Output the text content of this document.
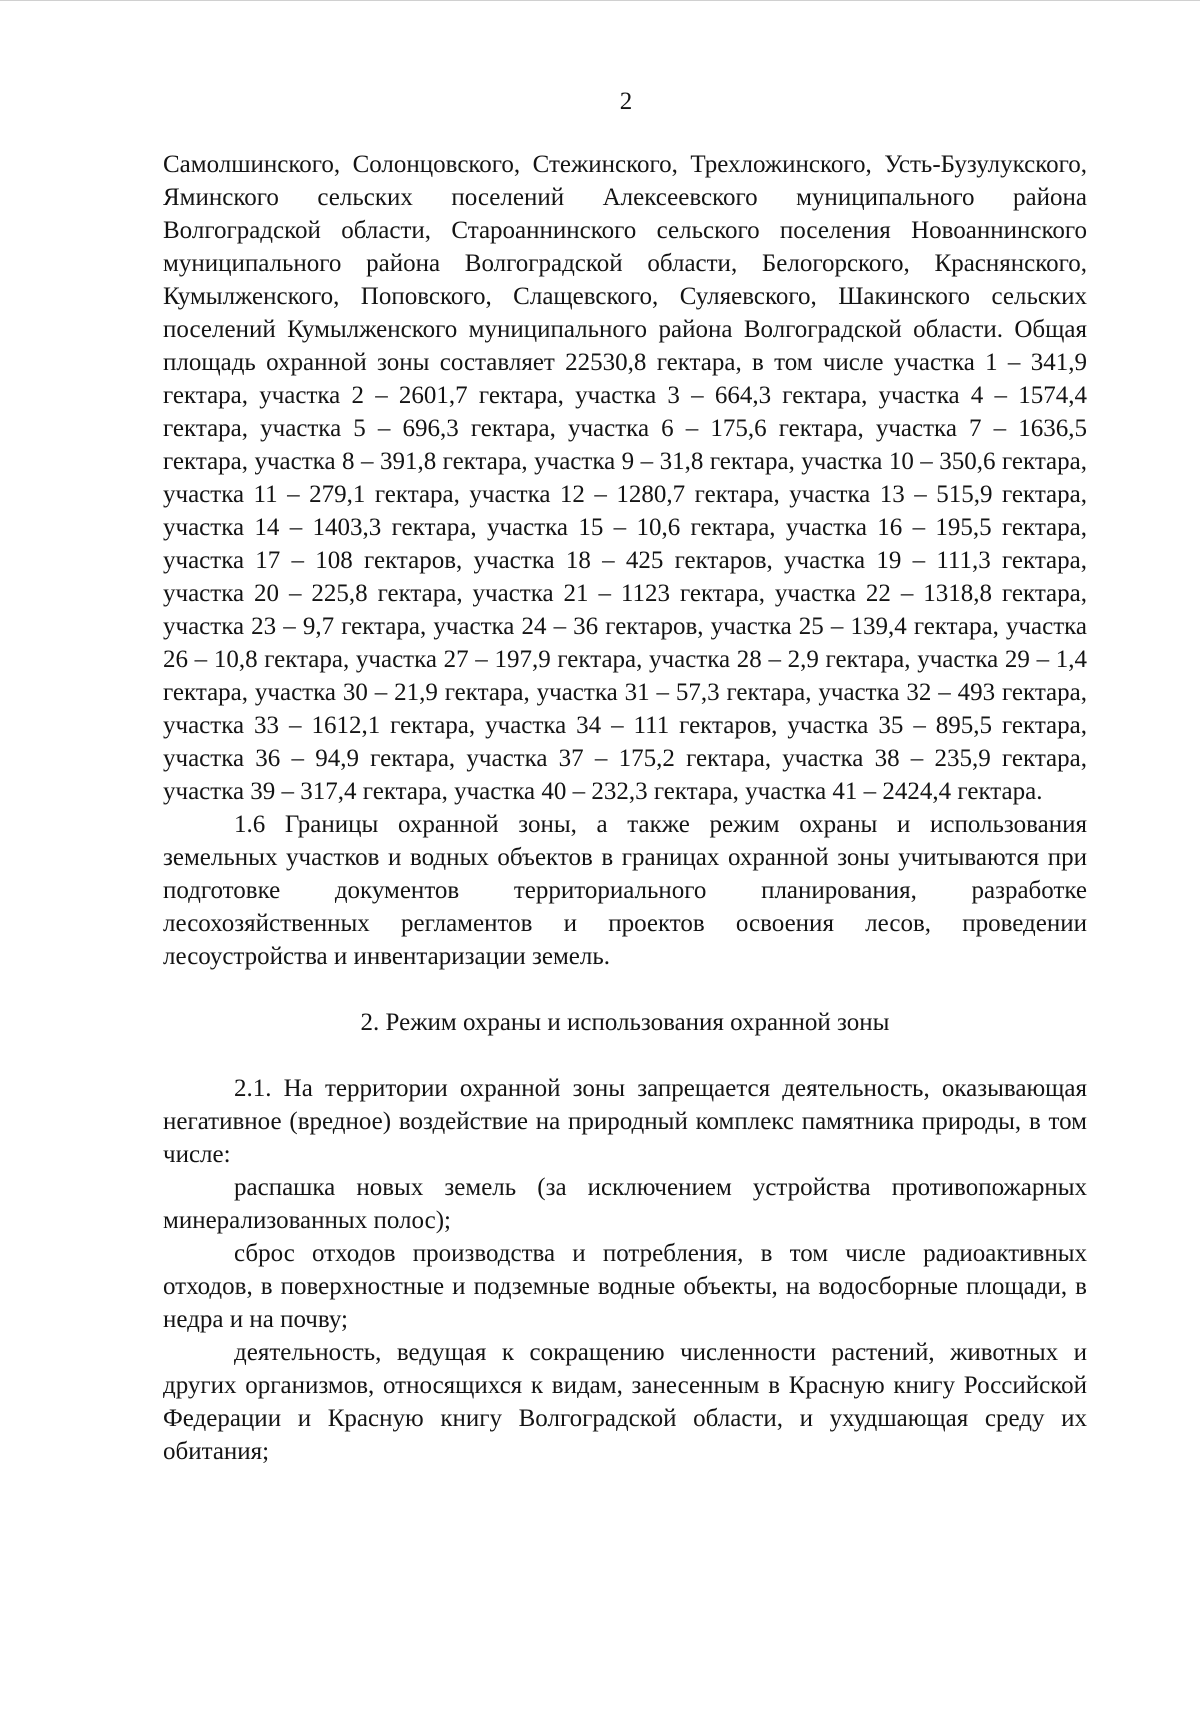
2

Самолшинского, Солонцовского, Стежинского, Трехложинского, Усть-Бузулукского, Яминского сельских поселений Алексеевского муниципального района Волгоградской области, Староаннинского сельского поселения Новоаннинского муниципального района Волгоградской области, Белогорского, Краснянского, Кумылженского, Поповского, Слащевского, Суляевского, Шакинского сельских поселений Кумылженского муниципального района Волгоградской области. Общая площадь охранной зоны составляет 22530,8 гектара, в том числе участка 1 – 341,9 гектара, участка 2 – 2601,7 гектара, участка 3 – 664,3 гектара, участка 4 – 1574,4 гектара, участка 5 – 696,3 гектара, участка 6 – 175,6 гектара, участка 7 – 1636,5 гектара, участка 8 – 391,8 гектара, участка 9 – 31,8 гектара, участка 10 – 350,6 гектара, участка 11 – 279,1 гектара, участка 12 – 1280,7 гектара, участка 13 – 515,9 гектара, участка 14 – 1403,3 гектара, участка 15 – 10,6 гектара, участка 16 – 195,5 гектара, участка 17 – 108 гектаров, участка 18 – 425 гектаров, участка 19 – 111,3 гектара, участка 20 – 225,8 гектара, участка 21 – 1123 гектара, участка 22 – 1318,8 гектара, участка 23 – 9,7 гектара, участка 24 – 36 гектаров, участка 25 – 139,4 гектара, участка 26 – 10,8 гектара, участка 27 – 197,9 гектара, участка 28 – 2,9 гектара, участка 29 – 1,4 гектара, участка 30 – 21,9 гектара, участка 31 – 57,3 гектара, участка 32 – 493 гектара, участка 33 – 1612,1 гектара, участка 34 – 111 гектаров, участка 35 – 895,5 гектара, участка 36 – 94,9 гектара, участка 37 – 175,2 гектара, участка 38 – 235,9 гектара, участка 39 – 317,4 гектара, участка 40 – 232,3 гектара, участка 41 – 2424,4 гектара.

1.6 Границы охранной зоны, а также режим охраны и использования земельных участков и водных объектов в границах охранной зоны учитываются при подготовке документов территориального планирования, разработке лесохозяйственных регламентов и проектов освоения лесов, проведении лесоустройства и инвентаризации земель.

2. Режим охраны и использования охранной зоны

2.1. На территории охранной зоны запрещается деятельность, оказывающая негативное (вредное) воздействие на природный комплекс памятника природы, в том числе:

распашка новых земель (за исключением устройства противопожарных минерализованных полос);

сброс отходов производства и потребления, в том числе радиоактивных отходов, в поверхностные и подземные водные объекты, на водосборные площади, в недра и на почву;

деятельность, ведущая к сокращению численности растений, животных и других организмов, относящихся к видам, занесенным в Красную книгу Российской Федерации и Красную книгу Волгоградской области, и ухудшающая среду их обитания;
